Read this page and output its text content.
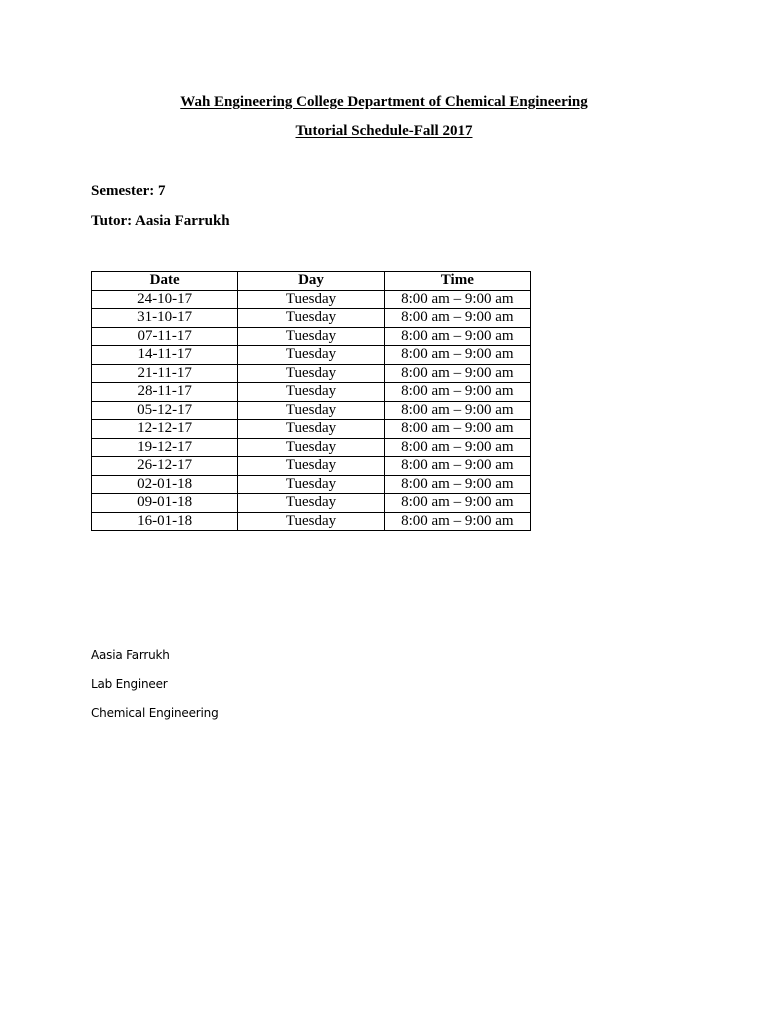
Wah Engineering College Department of Chemical Engineering

Tutorial Schedule-Fall 2017

Semester: 7

Tutor: Aasia Farrukh

Date	Day	Time
24-10-17	Tuesday	8:00 am – 9:00 am
31-10-17	Tuesday	8:00 am – 9:00 am
07-11-17	Tuesday	8:00 am – 9:00 am
14-11-17	Tuesday	8:00 am – 9:00 am
21-11-17	Tuesday	8:00 am – 9:00 am
28-11-17	Tuesday	8:00 am – 9:00 am
05-12-17	Tuesday	8:00 am – 9:00 am
12-12-17	Tuesday	8:00 am – 9:00 am
19-12-17	Tuesday	8:00 am – 9:00 am
26-12-17	Tuesday	8:00 am – 9:00 am
02-01-18	Tuesday	8:00 am – 9:00 am
09-01-18	Tuesday	8:00 am – 9:00 am
16-01-18	Tuesday	8:00 am – 9:00 am

Aasia Farrukh

Lab Engineer

Chemical Engineering
